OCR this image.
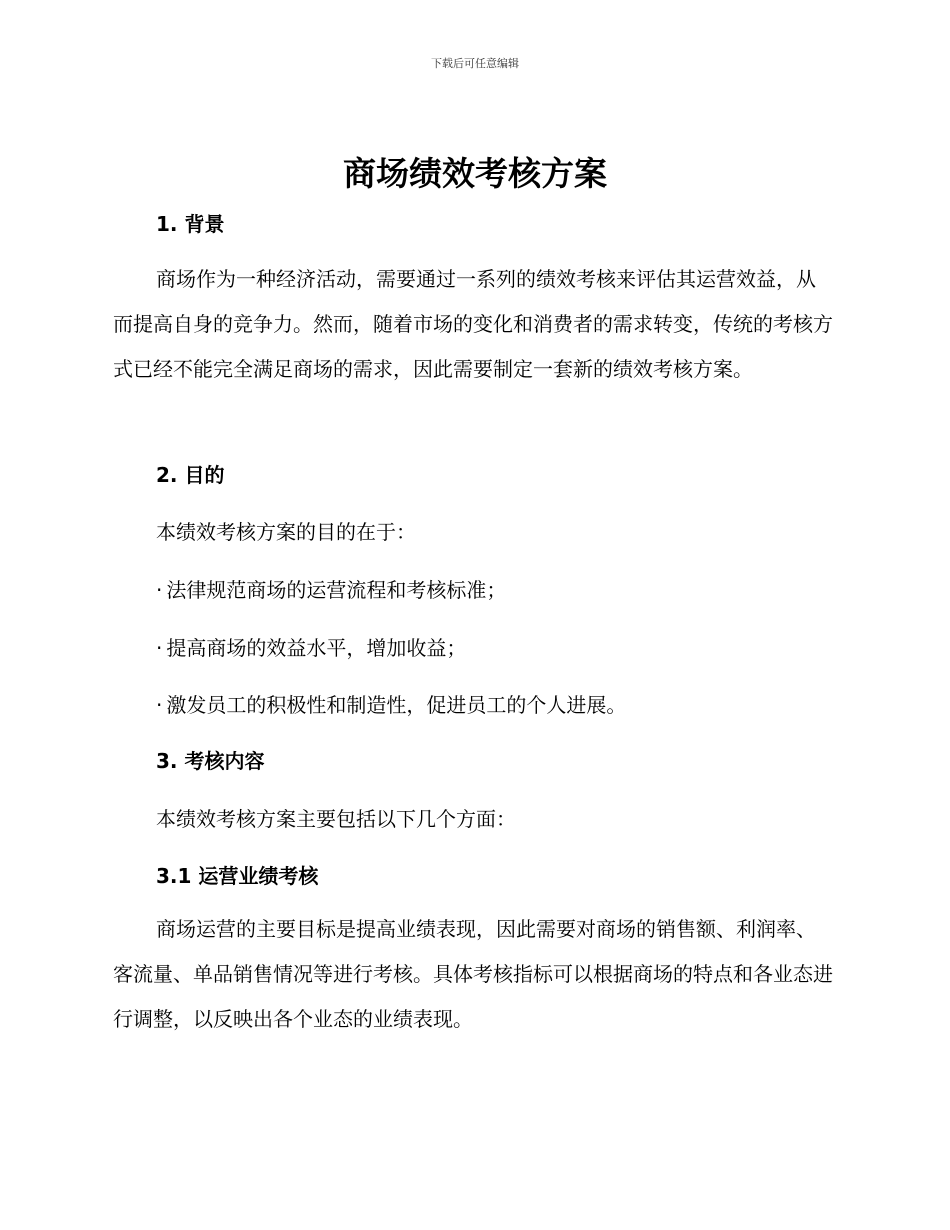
下载后可任意编辑
商场绩效考核方案
1. 背景

商场作为一种经济活动，需要通过一系列的绩效考核来评估其运营效益，从而提高自身的竞争力。然而，随着市场的变化和消费者的需求转变，传统的考核方式已经不能完全满足商场的需求，因此需要制定一套新的绩效考核方案。

2. 目的

本绩效考核方案的目的在于：

· 法律规范商场的运营流程和考核标准；

· 提高商场的效益水平，增加收益；

· 激发员工的积极性和制造性，促进员工的个人进展。

3. 考核内容

本绩效考核方案主要包括以下几个方面：

3.1 运营业绩考核

商场运营的主要目标是提高业绩表现，因此需要对商场的销售额、利润率、客流量、单品销售情况等进行考核。具体考核指标可以根据商场的特点和各业态进行调整，以反映出各个业态的业绩表现。
